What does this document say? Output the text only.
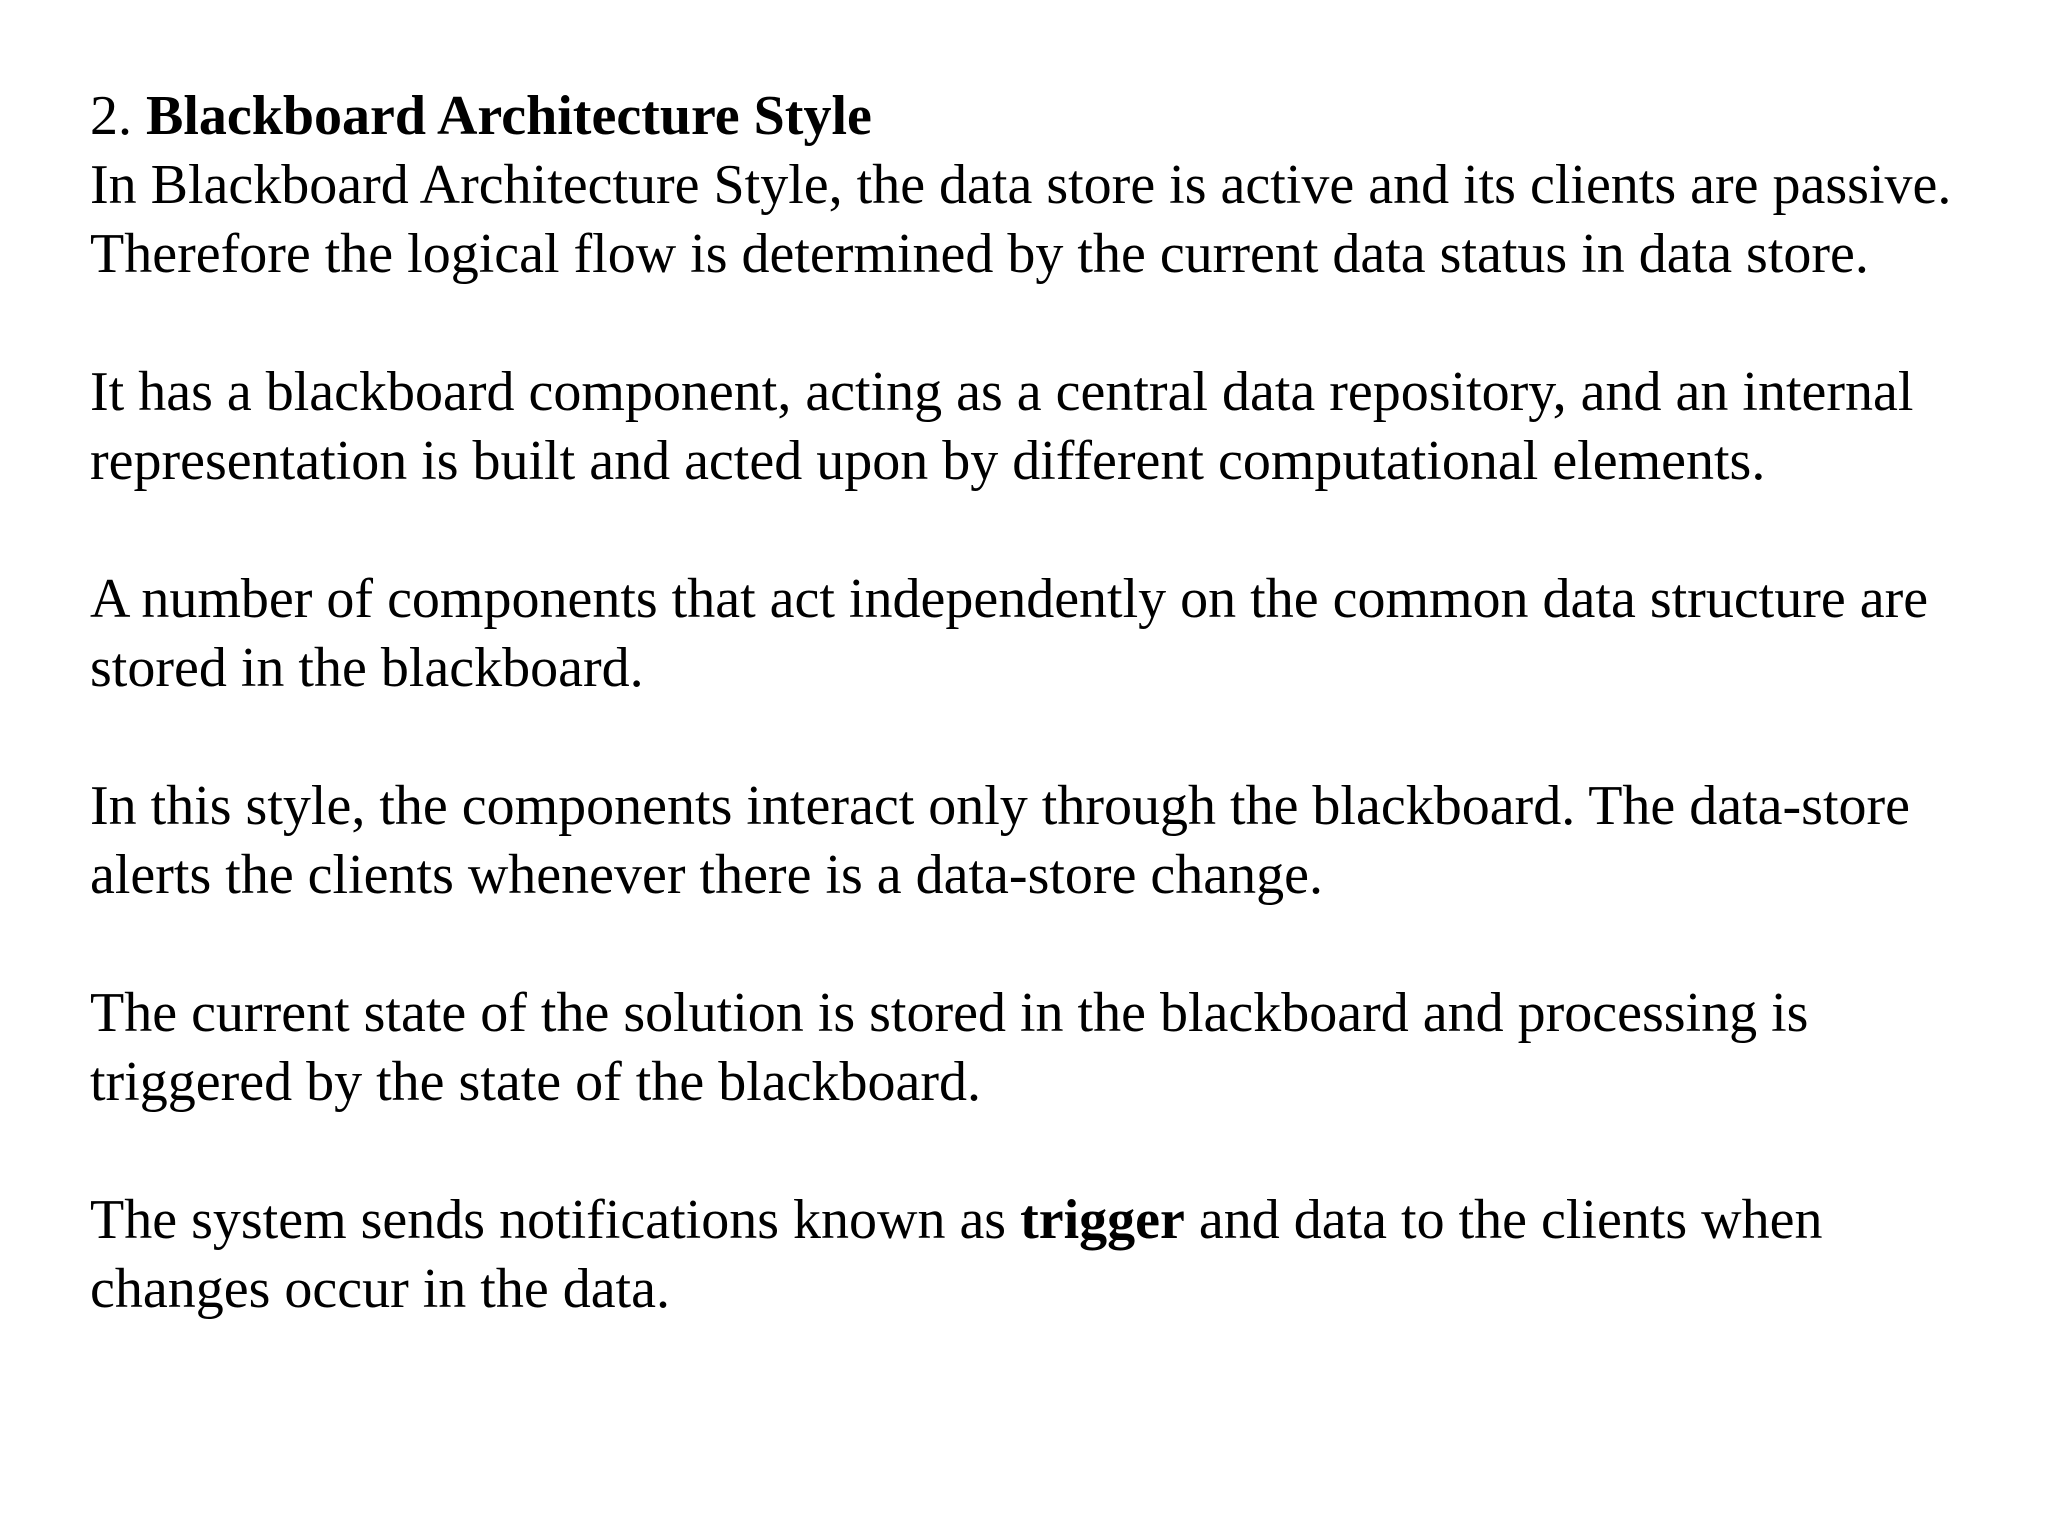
2. Blackboard Architecture Style

In Blackboard Architecture Style, the data store is active and its clients are passive. Therefore the logical flow is determined by the current data status in data store.

It has a blackboard component, acting as a central data repository, and an internal representation is built and acted upon by different computational elements.

A number of components that act independently on the common data structure are stored in the blackboard.

In this style, the components interact only through the blackboard. The data-store alerts the clients whenever there is a data-store change.

The current state of the solution is stored in the blackboard and processing is triggered by the state of the blackboard.

The system sends notifications known as trigger and data to the clients when changes occur in the data.
